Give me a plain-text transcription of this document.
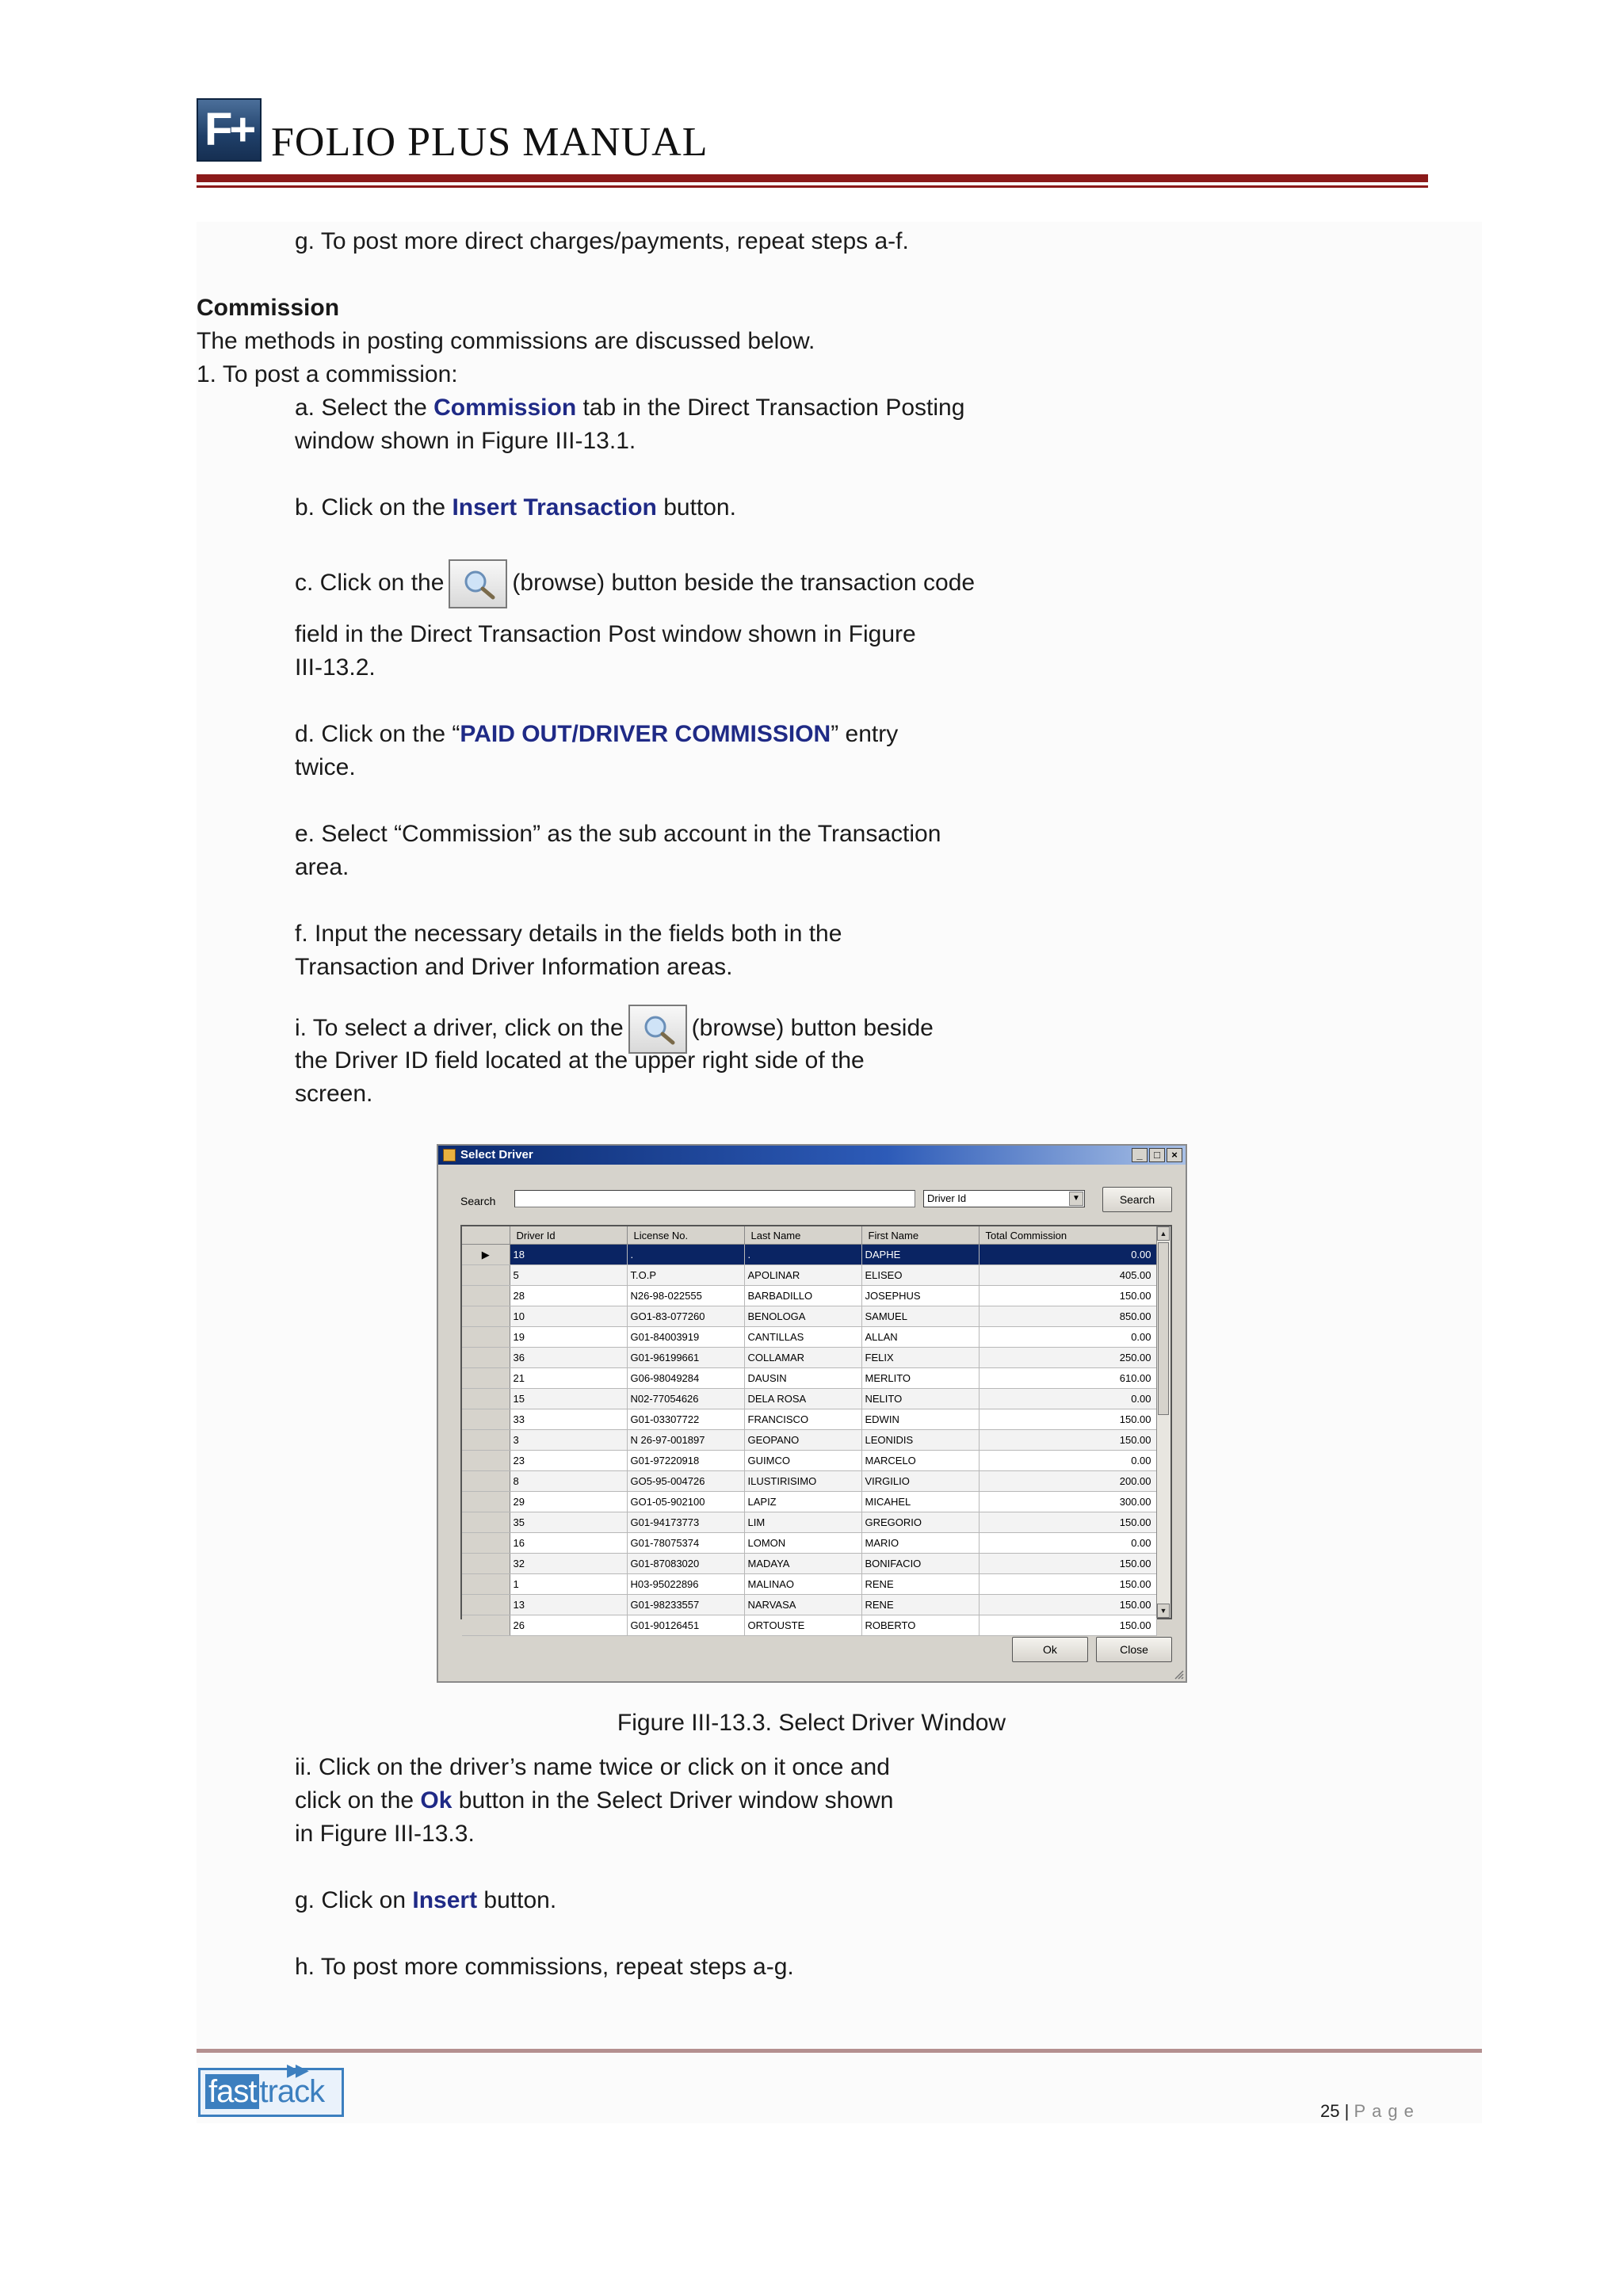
F+ FOLIO PLUS MANUAL

g. To post more direct charges/payments, repeat steps a-f.

Commission

The methods in posting commissions are discussed below.

1. To post a commission:

a. Select the Commission tab in the Direct Transaction Posting

window shown in Figure III-13.1.

b. Click on the Insert Transaction button.

c. Click on the	(browse) button beside the transaction code

field in the Direct Transaction Post window shown in Figure

III-13.2.

d. Click on the “PAID OUT/DRIVER COMMISSION” entry

twice.

e. Select “Commission” as the sub account in the Transaction

area.

f. Input the necessary details in the fields both in the

Transaction and Driver Information areas.

i. To select a driver, click on the	(browse) button beside

the Driver ID field located at the upper right side of the

screen.

Select Driver	_	□	×
Search	Driver Id	▼	Search
	Driver Id	License No.	Last Name	First Name	Total Commission
▶	18	.	.	DAPHE	0.00
	5	T.O.P	APOLINAR	ELISEO	405.00
	28	N26-98-022555	BARBADILLO	JOSEPHUS	150.00
	10	GO1-83-077260	BENOLOGA	SAMUEL	850.00
	19	G01-84003919	CANTILLAS	ALLAN	0.00
	36	G01-96199661	COLLAMAR	FELIX	250.00
	21	G06-98049284	DAUSIN	MERLITO	610.00
	15	N02-77054626	DELA ROSA	NELITO	0.00
	33	G01-03307722	FRANCISCO	EDWIN	150.00
	3	N 26-97-001897	GEOPANO	LEONIDIS	150.00
	23	G01-97220918	GUIMCO	MARCELO	0.00
	8	GO5-95-004726	ILUSTIRISIMO	VIRGILIO	200.00
	29	GO1-05-902100	LAPIZ	MICAHEL	300.00
	35	G01-94173773	LIM	GREGORIO	150.00
	16	G01-78075374	LOMON	MARIO	0.00
	32	G01-87083020	MADAYA	BONIFACIO	150.00
	1	H03-95022896	MALINAO	RENE	150.00
	13	G01-98233557	NARVASA	RENE	150.00
	26	G01-90126451	ORTOUSTE	ROBERTO	150.00
▲
▼
Ok	Close

Figure III-13.3. Select Driver Window

ii. Click on the driver’s name twice or click on it once and

click on the Ok button in the Select Driver window shown

in Figure III-13.3.

g. Click on Insert button.

h. To post more commissions, repeat steps a-g.

fast track
▶▶
25 | Page
